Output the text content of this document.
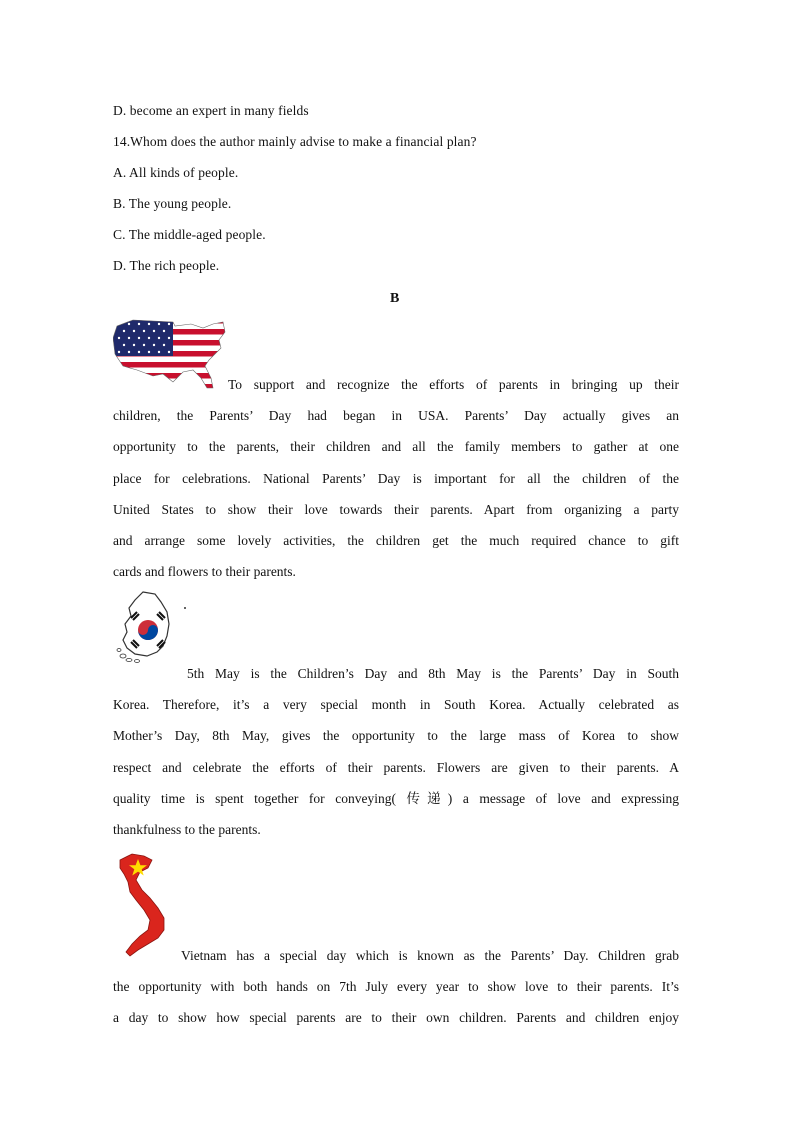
D. become an expert in many fields
14.Whom does the author mainly advise to make a financial plan?
A. All kinds of people.
B. The young people.
C. The middle-aged people.
D. The rich people.
B

To support and recognize the efforts of parents in bringing up their

children, the Parents’ Day had began in USA. Parents’ Day actually gives an

opportunity to the parents, their children and all the family members to gather at one

place for celebrations. National Parents’ Day is important for all the children of the

United States to show their love towards their parents. Apart from organizing a party

and arrange some lovely activities, the children get the much required chance to gift

cards and flowers to their parents.

5th May is the Children’s Day and 8th May is the Parents’ Day in South

Korea. Therefore, it’s a very special month in South Korea. Actually celebrated as

Mother’s Day, 8th May, gives the opportunity to the large mass of Korea to show

respect and celebrate the efforts of their parents. Flowers are given to their parents. A

quality time is spent together for conveying( 传递) a message of love and expressing

thankfulness to the parents.

Vietnam has a special day which is known as the Parents’ Day. Children grab

the opportunity with both hands on 7th July every year to show love to their parents. It’s

a day to show how special parents are to their own children. Parents and children enjoy
